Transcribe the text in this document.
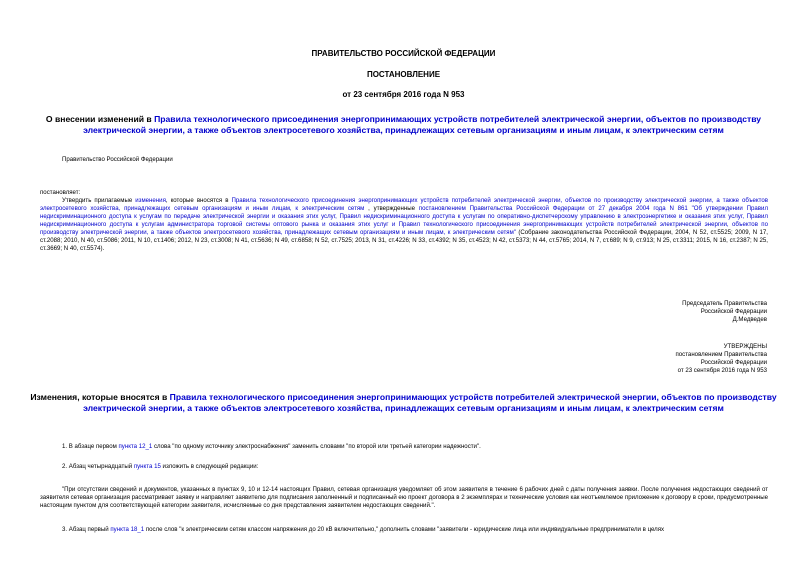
ПРАВИТЕЛЬСТВО РОССИЙСКОЙ ФЕДЕРАЦИИ
ПОСТАНОВЛЕНИЕ
от 23 сентября 2016 года N 953
О внесении изменений в Правила технологического присоединения энергопринимающих устройств потребителей электрической энергии, объектов по производству электрической энергии, а также объектов электросетевого хозяйства, принадлежащих сетевым организациям и иным лицам, к электрическим сетям
Правительство Российской Федерации
постановляет:
Утвердить прилагаемые изменения, которые вносятся в Правила технологического присоединения энергопринимающих устройств потребителей электрической энергии, объектов по производству электрической энергии, а также объектов электросетевого хозяйства, принадлежащих сетевым организациям и иным лицам, к электрическим сетям , утвержденные постановлением Правительства Российской Федерации от 27 декабря 2004 года N 861 "Об утверждении Правил недискриминационного доступа к услугам по передаче электрической энергии и оказания этих услуг, Правил недискриминационного доступа к услугам по оперативно-диспетчерскому управлению в электроэнергетике и оказания этих услуг, Правил недискриминационного доступа к услугам администратора торговой системы оптового рынка и оказания этих услуг и Правил технологического присоединения энергопринимающих устройств потребителей электрической энергии, объектов по производству электрической энергии, а также объектов электросетевого хозяйства, принадлежащих сетевым организациям и иным лицам, к электрическим сетям" (Собрание законодательства Российской Федерации, 2004, N 52, ст.5525; 2009, N 17, ст.2088; 2010, N 40, ст.5086; 2011, N 10, ст.1406; 2012, N 23, ст.3008; N 41, ст.5636; N 49, ст.6858; N 52, ст.7525; 2013, N 31, ст.4226; N 33, ст.4392; N 35, ст.4523; N 42, ст.5373; N 44, ст.5765; 2014, N 7, ст.689; N 9, ст.913; N 25, ст.3311; 2015, N 16, ст.2387; N 25, ст.3669; N 40, ст.5574).
Председатель Правительства
Российской Федерации
Д.Медведев
УТВЕРЖДЕНЫ
постановлением Правительства
Российской Федерации
от 23 сентября 2016 года N 953
Изменения, которые вносятся в Правила технологического присоединения энергопринимающих устройств потребителей электрической энергии, объектов по производству электрической энергии, а также объектов электросетевого хозяйства, принадлежащих сетевым организациям и иным лицам, к электрическим сетям
1. В абзаце первом пункта 12_1 слова "по одному источнику электроснабжения" заменить словами "по второй или третьей категории надежности".
2. Абзац четырнадцатый пункта 15 изложить в следующей редакции:
"При отсутствии сведений и документов, указанных в пунктах 9, 10 и 12-14 настоящих Правил, сетевая организация уведомляет об этом заявителя в течение 6 рабочих дней с даты получения заявки. После получения недостающих сведений от заявителя сетевая организация рассматривает заявку и направляет заявителю для подписания заполненный и подписанный ею проект договора в 2 экземплярах и технические условия как неотъемлемое приложение к договору в сроки, предусмотренные настоящим пунктом для соответствующей категории заявителя, исчисляемые со дня представления заявителем недостающих сведений.".
3. Абзац первый пункта 18_1 после слов "к электрическим сетям классом напряжения до 20 кВ включительно," дополнить словами "заявители - юридические лица или индивидуальные предприниматели в целях
